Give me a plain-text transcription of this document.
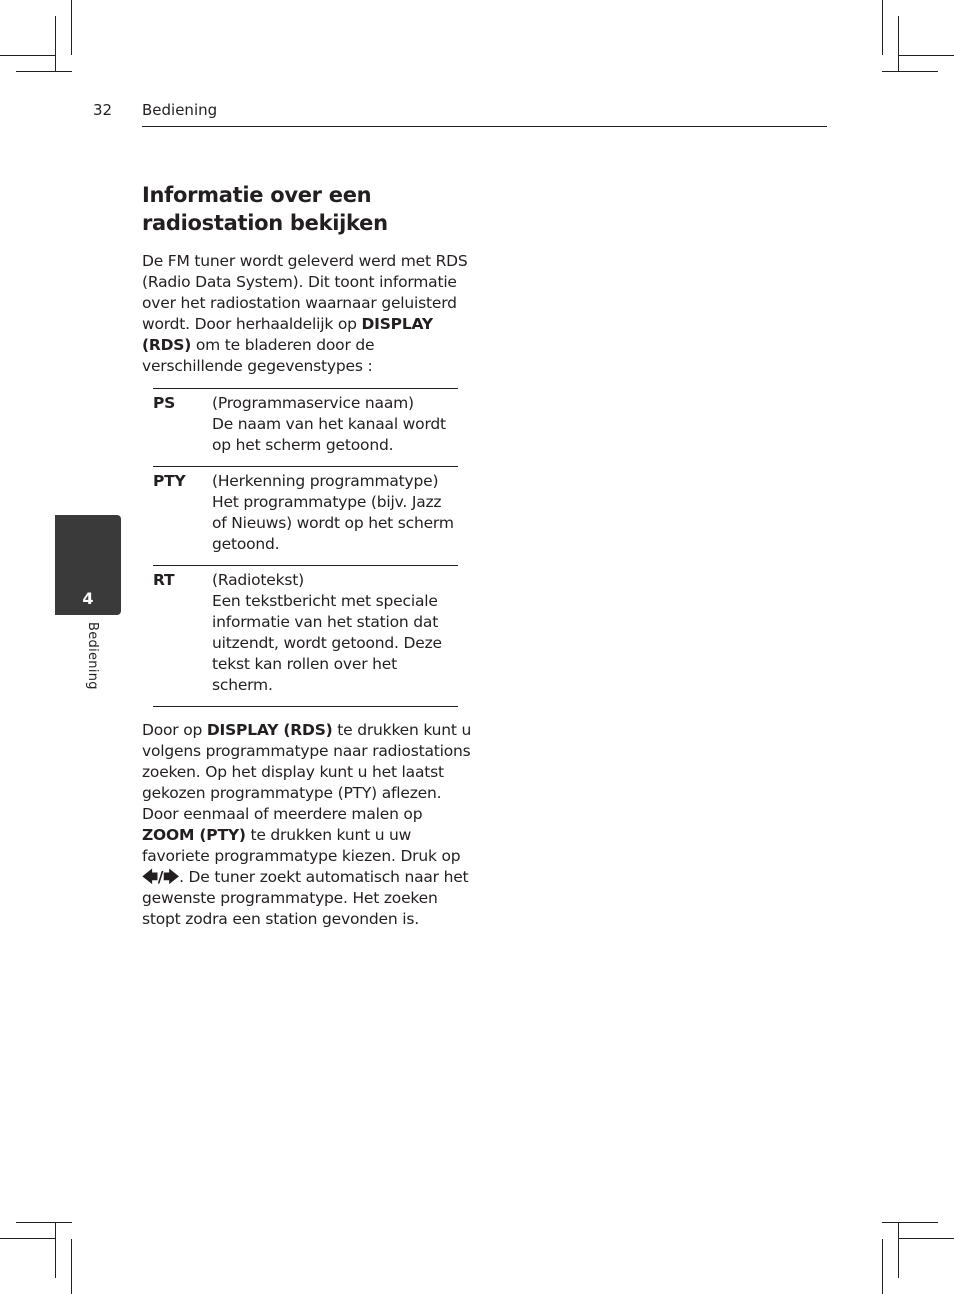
32 Bediening
4
Bediening
Informatie over een radiostation bekijken

De FM tuner wordt geleverd werd met RDS (Radio Data System). Dit toont informatie over het radiostation waarnaar geluisterd wordt. Door herhaaldelijk op DISPLAY (RDS) om te bladeren door de verschillende gegevenstypes :

PS	(Programmaservice naam)
De naam van het kanaal wordt op het scherm getoond.

PTY	(Herkenning programmatype)
Het programmatype (bijv. Jazz of Nieuws) wordt op het scherm getoond.

RT	(Radiotekst)
Een tekstbericht met speciale informatie van het station dat uitzendt, wordt getoond. Deze tekst kan rollen over het scherm.

Door op DISPLAY (RDS) te drukken kunt u volgens programmatype naar radiostations zoeken. Op het display kunt u het laatst gekozen programmatype (PTY) aflezen. Door eenmaal of meerdere malen op ZOOM (PTY) te drukken kunt u uw favoriete programmatype kiezen. Druk op 🡄/🡆. De tuner zoekt automatisch naar het gewenste programmatype. Het zoeken stopt zodra een station gevonden is.
